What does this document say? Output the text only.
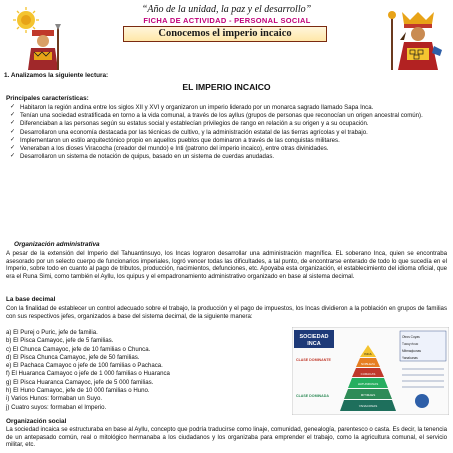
“Año de la unidad, la paz y el desarrollo”
FICHA DE ACTIVIDAD - PERSONAL SOCIAL
Conocemos el imperio incaico
1. Analizamos la siguiente lectura:
EL IMPERIO INCAICO
Principales características:
✓ Habitaron la región andina entre los siglos XII y XVI y organizaron un imperio liderado por un monarca sagrado llamado Sapa Inca.
✓ Tenían una sociedad estratificada en torno a la vida comunal, a través de los ayllus (grupos de personas que reconocían un origen ancestral común).
✓ Diferenciaban a las personas según su estatus social y establecían privilegios de rango en relación a su origen y a su ocupación.
✓ Desarrollaron una economía destacada por las técnicas de cultivo, y la administración estatal de las tierras agrícolas y el trabajo.
✓ Implementaron un estilo arquitectónico propio en aquellos pueblos que dominaron a través de las conquistas militares.
✓ Veneraban a los dioses Viracocha (creador del mundo) e Inti (patrono del imperio incaico), entre otras divinidades.
✓ Desarrollaron un sistema de notación de quipus, basado en un sistema de cuerdas anudadas.
Organización administrativa
A pesar de la extensión del Imperio del Tahuantinsuyo, los Incas lograron desarrollar una administración magnífica. EL soberano Inca, quien se encontraba asesorado por un selecto cuerpo de funcionarios imperiales, logró vencer todas las dificultades, a tal punto, de encontrarse enterado de todo lo que sucedía en el Imperio, sobre todo en cuanto al pago de tributos, producción, nacimientos, defunciones, etc. Apoyaba esta organización, el establecimiento del idioma oficial, que era el Runa Simi, como también el Ayllu, los quipus y el empadronamiento administrativo organizado en base al sistema decimal.
La base decimal
Con la finalidad de establecer un control adecuado sobre el trabajo, la producción y el pago de impuestos, los Incas dividieron a la población en grupos de familias con sus respectivos jefes, organizados a base del sistema decimal, de la siguiente manera:
a) El Purej o Puric, jefe de familia.
b) El Pisca Camayoc, jefe de 5 familias.
c) El Chunca Camayoc, jefe de 10 familias o Chunca.
d) El Pisca Chunca Camayoc, jefe de 50 familias.
e) El Pachaca Camayoc o jefe de 100 familias o Pachaca.
f) El Huaranca Camayoc o jefe de 1 000 familias o Huaranca
g) El Pisca Huaranca Camayoc, jefe de 5 000 familias.
h) El Huno Camayoc, jefe de 10 000 familias o Huno.
i) Varios Hunos: formaban un Suyo.
j) Cuatro suyos: formaban el Imperio.
SOCIEDAD
INCA
CLASE DOMINANTE
CLASE DOMINADA
INCA
NOBLEZA
CURACAS
HATUNRUNAS
MITIMAES
YANACONAS
Otros Coyas
Tucuy ricuc
Mitmaqkunas
Yanakunas
Organización social
La sociedad incaica se estructuraba en base al Ayllu, concepto que podría traducirse como linaje, comunidad, genealogía, parentesco o casta. Es decir, la tenencia de un antepasado común, real o mitológico hermanaba a los ciudadanos y los organizaba para emprender el trabajo, como la agricultura comunal, el servicio militar, etc.
